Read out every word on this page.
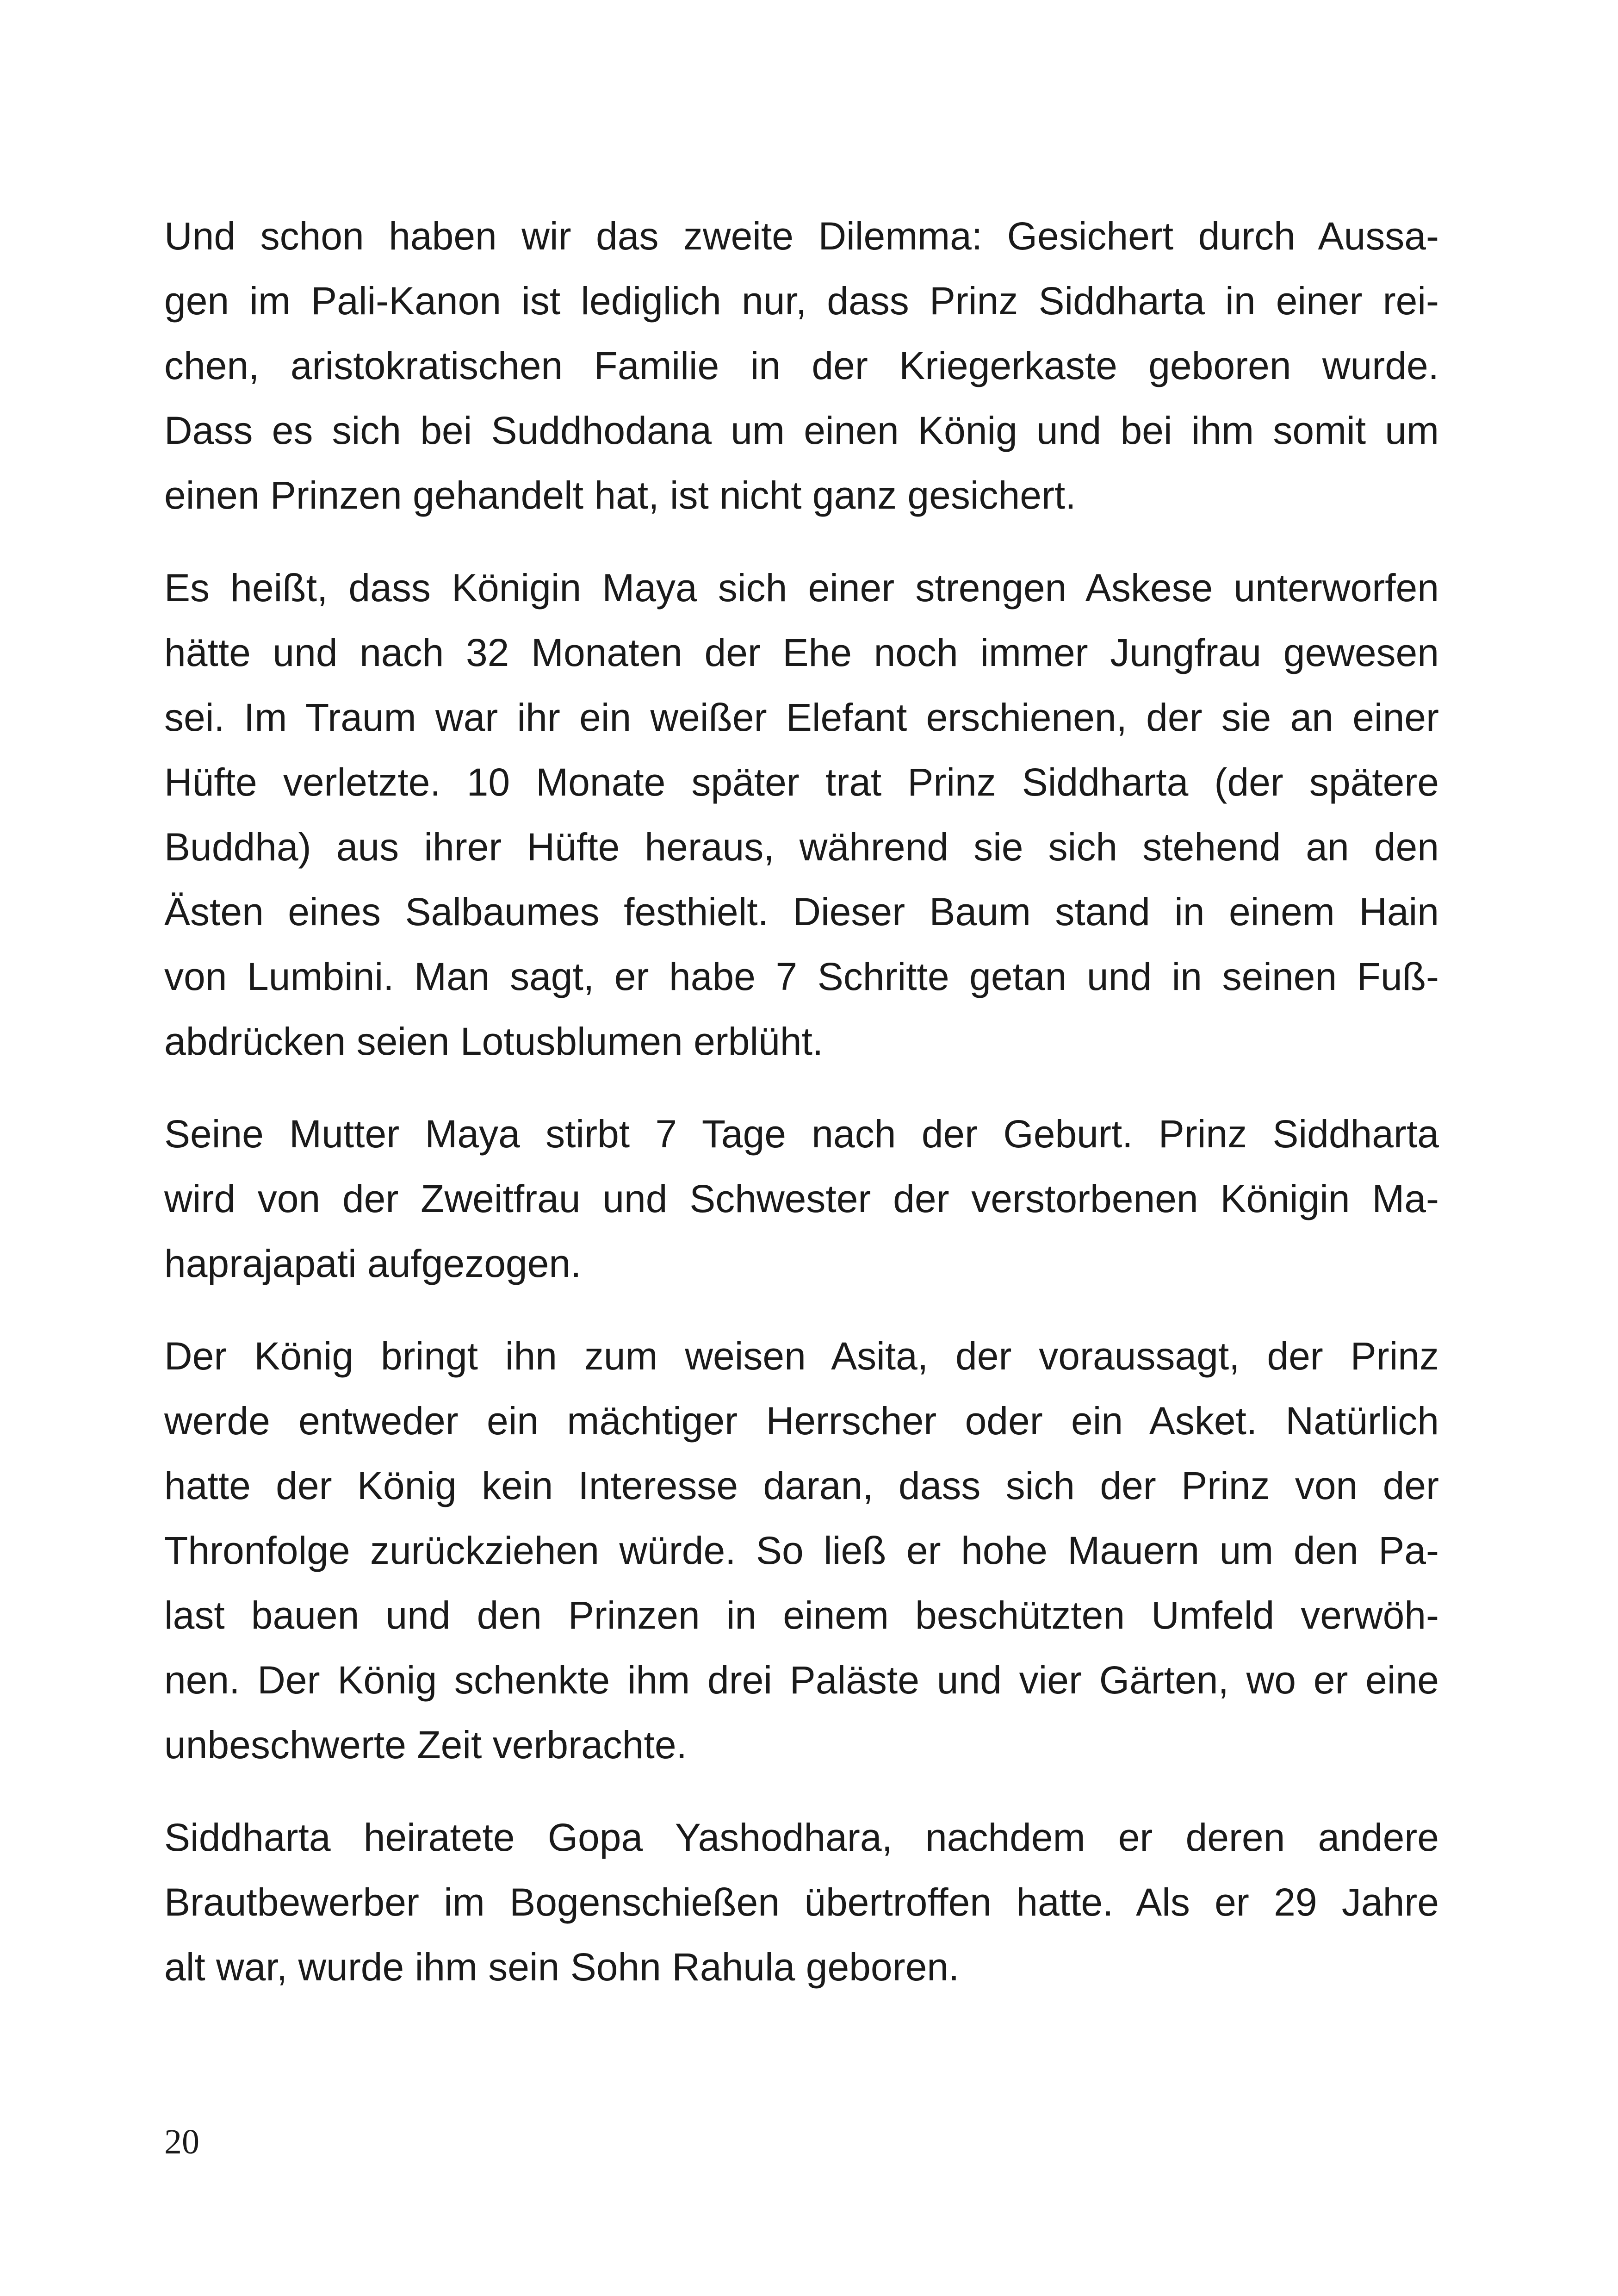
Und schon haben wir das zweite Dilemma: Gesichert durch Aussa-
gen im Pali-Kanon ist lediglich nur, dass Prinz Siddharta in einer rei-
chen, aristokratischen Familie in der Kriegerkaste geboren wurde.
Dass es sich bei Suddhodana um einen König und bei ihm somit um
einen Prinzen gehandelt hat, ist nicht ganz gesichert.

Es heißt, dass Königin Maya sich einer strengen Askese unterworfen
hätte und nach 32 Monaten der Ehe noch immer Jungfrau gewesen
sei. Im Traum war ihr ein weißer Elefant erschienen, der sie an einer
Hüfte verletzte. 10 Monate später trat Prinz Siddharta (der spätere
Buddha) aus ihrer Hüfte heraus, während sie sich stehend an den
Ästen eines Salbaumes festhielt. Dieser Baum stand in einem Hain
von Lumbini. Man sagt, er habe 7 Schritte getan und in seinen Fuß-
abdrücken seien Lotusblumen erblüht.

Seine Mutter Maya stirbt 7 Tage nach der Geburt. Prinz Siddharta
wird von der Zweitfrau und Schwester der verstorbenen Königin Ma-
haprajapati aufgezogen.

Der König bringt ihn zum weisen Asita, der voraussagt, der Prinz
werde entweder ein mächtiger Herrscher oder ein Asket. Natürlich
hatte der König kein Interesse daran, dass sich der Prinz von der
Thronfolge zurückziehen würde. So ließ er hohe Mauern um den Pa-
last bauen und den Prinzen in einem beschützten Umfeld verwöh-
nen. Der König schenkte ihm drei Paläste und vier Gärten, wo er eine
unbeschwerte Zeit verbrachte.

Siddharta heiratete Gopa Yashodhara, nachdem er deren andere
Brautbewerber im Bogenschießen übertroffen hatte. Als er 29 Jahre
alt war, wurde ihm sein Sohn Rahula geboren.

20
